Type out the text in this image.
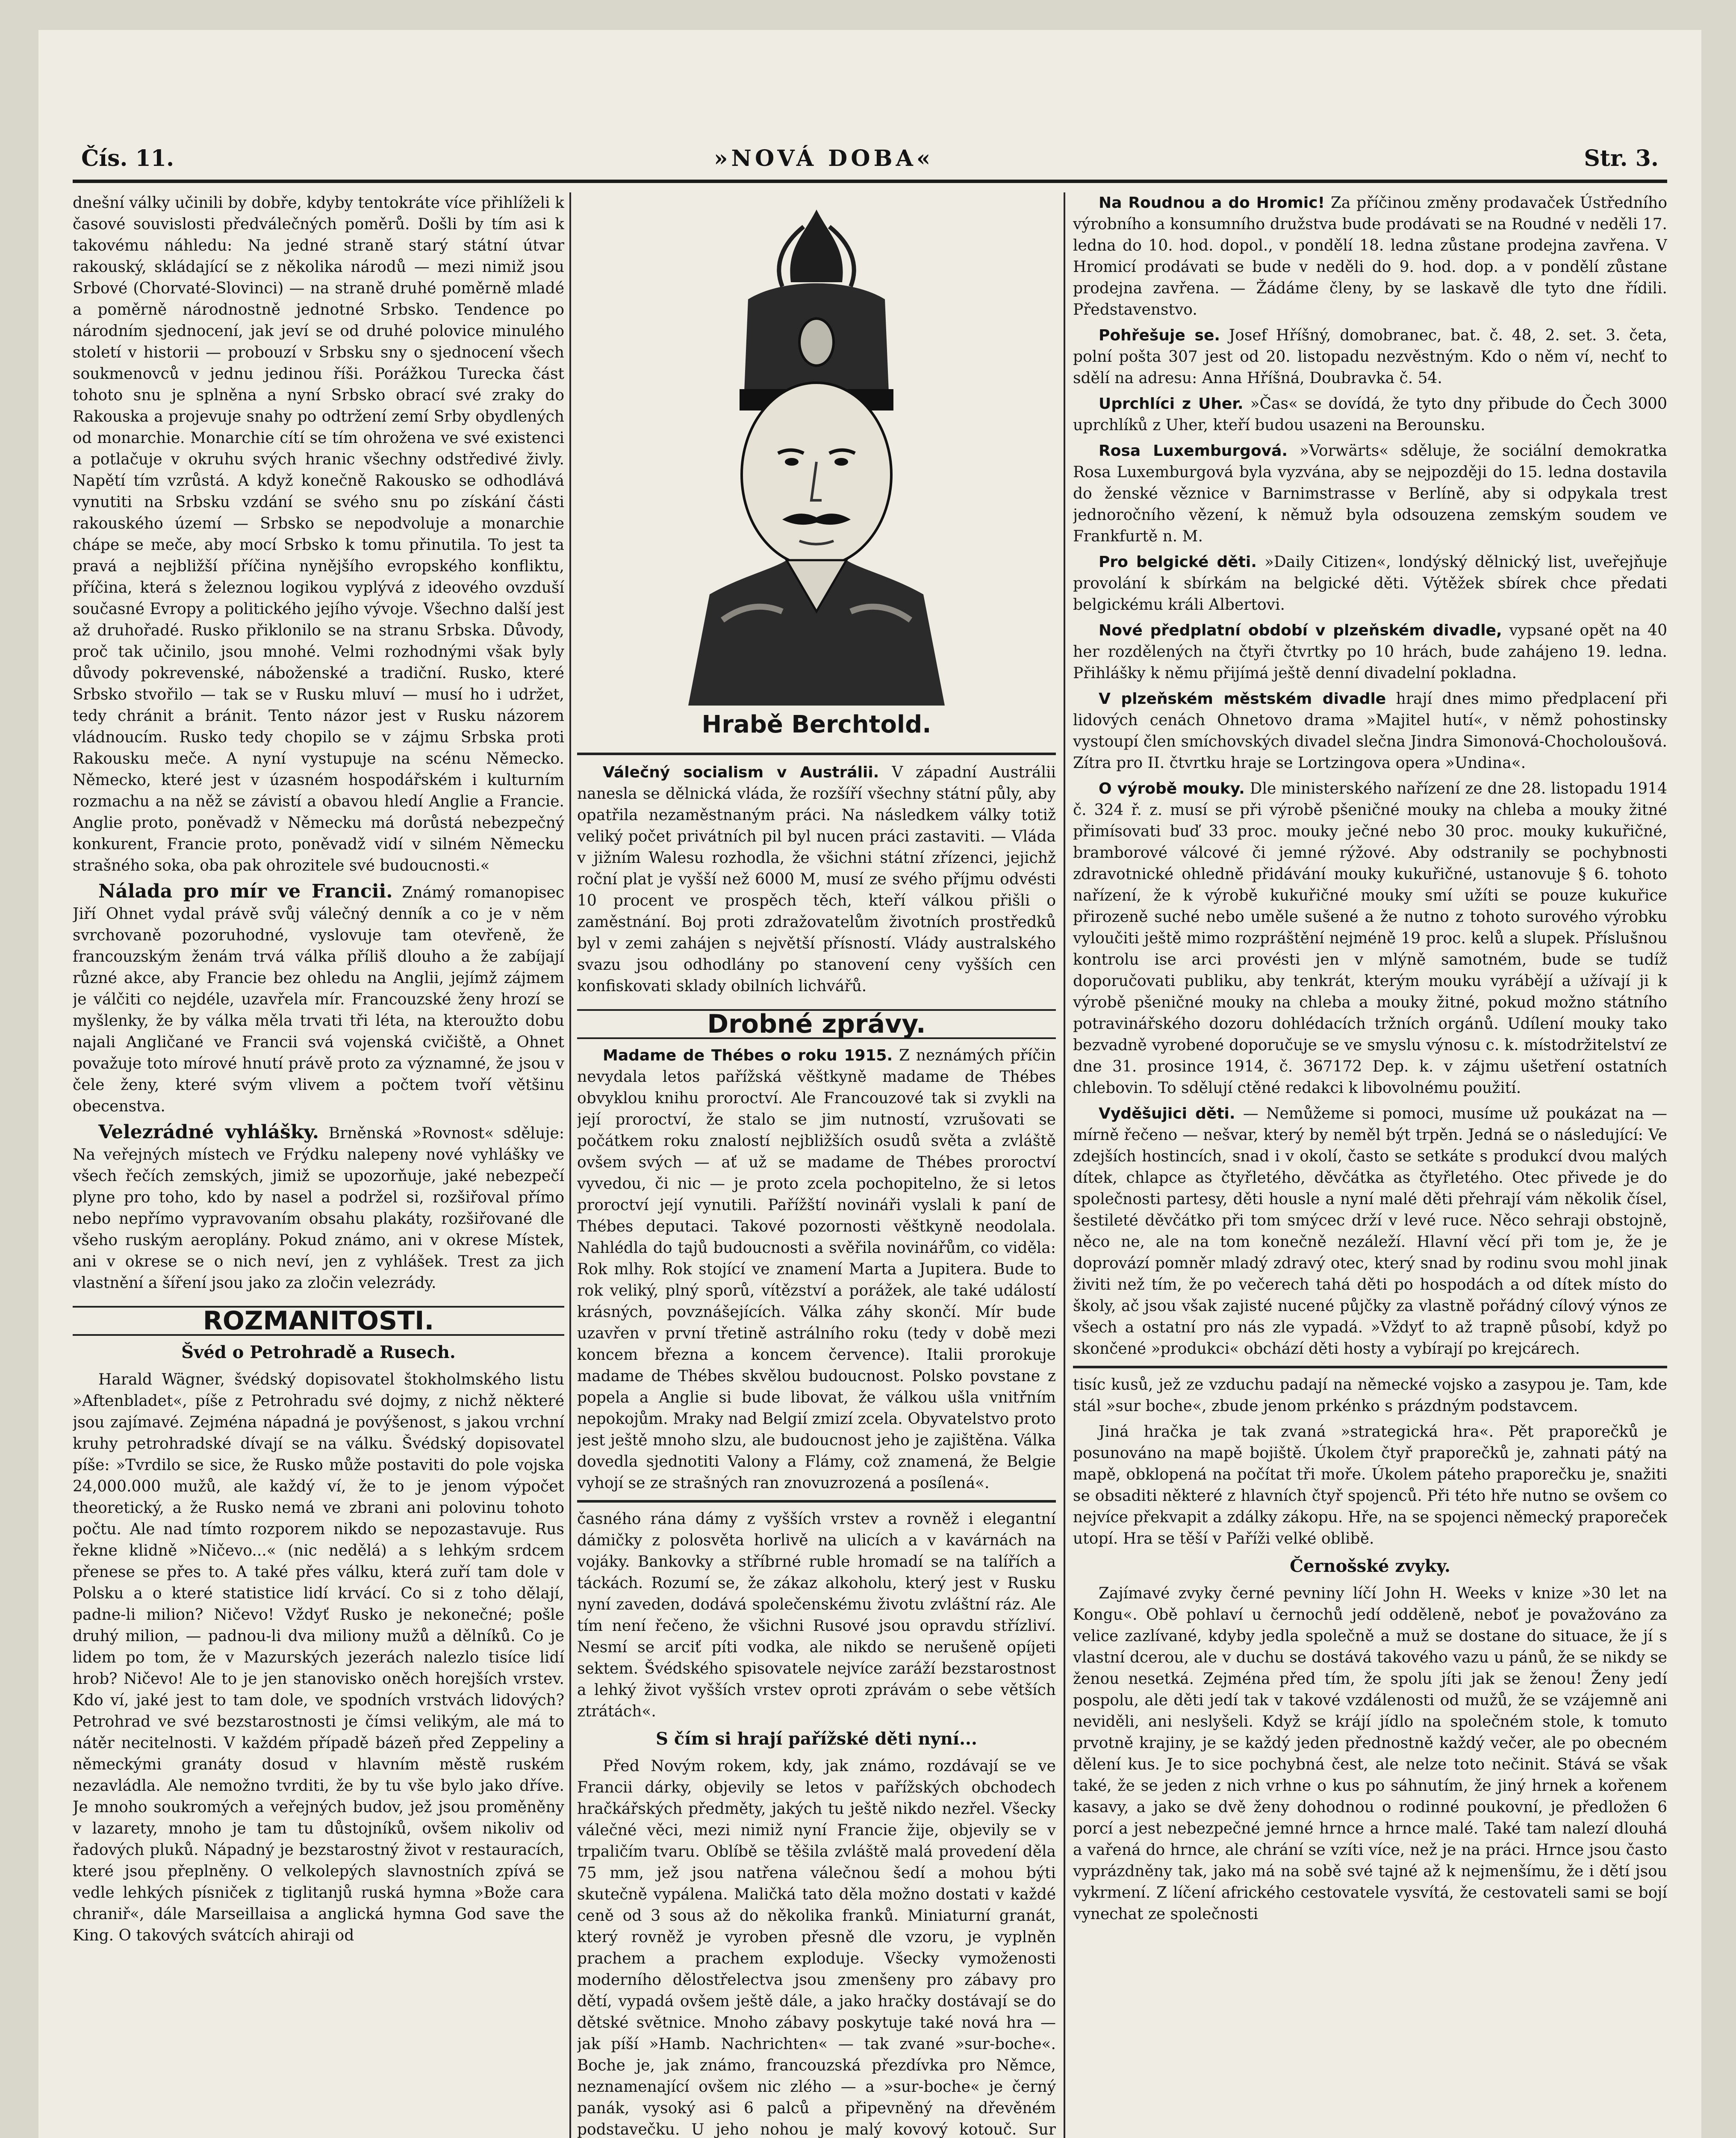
Čís. 11.	»NOVÁ DOBA«	Str. 3.

dnešní války učinili by dobře, kdyby tentokráte více přihlíželi k časové souvislosti předválečných poměrů. Došli by tím asi k takovému náhledu: Na jedné straně starý státní útvar rakouský, skládající se z několika národů — mezi nimiž jsou Srbové (Chorvaté-Slovinci) — na straně druhé poměrně mladé a poměrně národnostně jednotné Srbsko. Tendence po národním sjednocení, jak jeví se od druhé polovice minulého století v historii — probouzí v Srbsku sny o sjednocení všech soukmenovců v jednu jedinou říši. Porážkou Turecka část tohoto snu je splněna a nyní Srbsko obrací své zraky do Rakouska a projevuje snahy po odtržení zemí Srby obydlených od monarchie. Monarchie cítí se tím ohrožena ve své existenci a potlačuje v okruhu svých hranic všechny odstředivé živly. Napětí tím vzrůstá. A když konečně Rakousko se odhodlává vynutiti na Srbsku vzdání se svého snu po získání části rakouského území — Srbsko se nepodvoluje a monarchie chápe se meče, aby mocí Srbsko k tomu přinutila. To jest ta pravá a nejbližší příčina nynějšího evropského konfliktu, příčina, která s železnou logikou vyplývá z ideového ovzduší současné Evropy a politického jejího vývoje. Všechno další jest až druhořadé. Rusko přiklonilo se na stranu Srbska. Důvody, proč tak učinilo, jsou mnohé. Velmi rozhodnými však byly důvody pokrevenské, náboženské a tradiční. Rusko, které Srbsko stvořilo — tak se v Rusku mluví — musí ho i udržet, tedy chránit a bránit. Tento názor jest v Rusku názorem vládnoucím. Rusko tedy chopilo se v zájmu Srbska proti Rakousku meče. A nyní vystupuje na scénu Německo. Německo, které jest v úzasném hospodářském i kulturním rozmachu a na něž se závistí a obavou hledí Anglie a Francie. Anglie proto, poněvadž v Německu má dorůstá nebezpečný konkurent, Francie proto, poněvadž vidí v silném Německu strašného soka, oba pak ohrozitele své budoucnosti.«

Nálada pro mír ve Francii. Známý romanopisec Jiří Ohnet vydal právě svůj válečný denník a co je v něm svrchovaně pozoruhodné, vyslovuje tam otevřeně, že francouzským ženám trvá válka příliš dlouho a že zabíjají různé akce, aby Francie bez ohledu na Anglii, jejímž zájmem je válčiti co nejdéle, uzavřela mír. Francouzské ženy hrozí se myšlenky, že by válka měla trvati tři léta, na kteroužto dobu najali Angličané ve Francii svá vojenská cvičiště, a Ohnet považuje toto mírové hnutí právě proto za významné, že jsou v čele ženy, které svým vlivem a počtem tvoří většinu obecenstva.

Velezrádné vyhlášky. Brněnská »Rovnost« sděluje: Na veřejných místech ve Frýdku nalepeny nové vyhlášky ve všech řečích zemských, jimiž se upozorňuje, jaké nebezpečí plyne pro toho, kdo by nasel a podržel si, rozšiřoval přímo nebo nepřímo vypravovaním obsahu plakáty, rozšiřované dle všeho ruským aeroplány. Pokud známo, ani v okrese Místek, ani v okrese se o nich neví, jen z vyhlášek. Trest za jich vlastnění a šíření jsou jako za zločin velezrády.

ROZMANITOSTI.
Švéd o Petrohradě a Rusech.

Harald Wägner, švédský dopisovatel štokholmského listu »Aftenbladet«, píše z Petrohradu své dojmy, z nichž některé jsou zajímavé. Zejména nápadná je povýšenost, s jakou vrchní kruhy petrohradské dívají se na válku. Švédský dopisovatel píše: »Tvrdilo se sice, že Rusko může postaviti do pole vojska 24,000.000 mužů, ale každý ví, že to je jenom výpočet theoretický, a že Rusko nemá ve zbrani ani polovinu tohoto počtu. Ale nad tímto rozporem nikdo se nepozastavuje. Rus řekne klidně »Ničevo...« (nic nedělá) a s lehkým srdcem přenese se přes to. A také přes válku, která zuří tam dole v Polsku a o které statistice lidí krvácí. Co si z toho dělají, padne-li milion? Ničevo! Vždyť Rusko je nekonečné; pošle druhý milion, — padnou-li dva miliony mužů a dělníků. Co je lidem po tom, že v Mazurských jezerách nalezlo tisíce lidí hrob? Ničevo! Ale to je jen stanovisko oněch horejších vrstev. Kdo ví, jaké jest to tam dole, ve spodních vrstvách lidových? Petrohrad ve své bezstarostnosti je čímsi velikým, ale má to nátěr necitelnosti. V každém případě bázeň před Zeppeliny a německými granáty dosud v hlavním městě ruském nezavládla. Ale nemožno tvrditi, že by tu vše bylo jako dříve. Je mnoho soukromých a veřejných budov, jež jsou proměněny v lazarety, mnoho je tam tu důstojníků, ovšem nikoliv od řadových pluků. Nápadný je bezstarostný život v restauracích, které jsou přeplněny. O velkolepých slavnostních zpívá se vedle lehkých písniček z tiglitanjů ruská hymna »Bože cara chraniř«, dále Marseillaisa a anglická hymna God save the King. O takových svátcích ahiraji od

Hrabě Berchtold.

Válečný socialism v Austrálii. V západní Austrálii nanesla se dělnická vláda, že rozšíří všechny státní půly, aby opatřila nezaměstnaným práci. Na následkem války totiž veliký počet privátních pil byl nucen práci zastaviti. — Vláda v jižním Walesu rozhodla, že všichni státní zřízenci, jejichž roční plat je vyšší než 6000 M, musí ze svého příjmu odvésti 10 procent ve prospěch těch, kteří válkou přišli o zaměstnání. Boj proti zdražovatelům životních prostředků byl v zemi zahájen s největší přísností. Vlády australského svazu jsou odhodlány po stanovení ceny vyšších cen konfiskovati sklady obilních lichvářů.

Drobné zprávy.

Madame de Thébes o roku 1915. Z neznámých příčin nevydala letos pařížská věštkyně madame de Thébes obvyklou knihu proroctví. Ale Francouzové tak si zvykli na její proroctví, že stalo se jim nutností, vzrušovati se počátkem roku znalostí nejbližších osudů světa a zvláště ovšem svých — ať už se madame de Thébes proroctví vyvedou, či nic — je proto zcela pochopitelno, že si letos proroctví její vynutili. Pařížští novináři vyslali k paní de Thébes deputaci. Takové pozornosti věštkyně neodolala. Nahlédla do tajů budoucnosti a svěřila novinářům, co viděla: Rok mlhy. Rok stojící ve znamení Marta a Jupitera. Bude to rok veliký, plný sporů, vítězství a porážek, ale také událostí krásných, povznášejících. Válka záhy skončí. Mír bude uzavřen v první třetině astrálního roku (tedy v době mezi koncem března a koncem července). Italii prorokuje madame de Thébes skvělou budoucnost. Polsko povstane z popela a Anglie si bude libovat, že válkou ušla vnitřním nepokojům. Mraky nad Belgií zmizí zcela. Obyvatelstvo proto jest ještě mnoho slzu, ale budoucnost jeho je zajištěna. Válka dovedla sjednotiti Valony a Flámy, což znamená, že Belgie vyhojí se ze strašných ran znovuzrozená a posílená«.

časného rána dámy z vyšších vrstev a rovněž i elegantní dámičky z polosvěta horlivě na ulicích a v kavárnách na vojáky. Bankovky a stříbrné ruble hromadí se na talířích a táckách. Rozumí se, že zákaz alkoholu, který jest v Rusku nyní zaveden, dodává společenskému životu zvláštní ráz. Ale tím není řečeno, že všichni Rusové jsou opravdu střízliví. Nesmí se arciť píti vodka, ale nikdo se nerušeně opíjeti sektem. Švédského spisovatele nejvíce zaráží bezstarostnost a lehký život vyšších vrstev oproti zprávám o sebe větších ztrátách«.

S čím si hrají pařížské děti nyní...

Před Novým rokem, kdy, jak známo, rozdávají se ve Francii dárky, objevily se letos v pařížských obchodech hračkářských předměty, jakých tu ještě nikdo nezřel. Všecky válečné věci, mezi nimiž nyní Francie žije, objevily se v trpaličím tvaru. Oblíbě se těšila zvláště malá provedení děla 75 mm, jež jsou natřena válečnou šedí a mohou býti skutečně vypálena. Maličká tato děla možno dostati v každé ceně od 3 sous až do několika franků. Miniaturní granát, který rovněž je vyroben přesně dle vzoru, je vyplněn prachem a prachem exploduje. Všecky vymoženosti moderního dělostřelectva jsou zmenšeny pro zábavy pro dětí, vypadá ovšem ještě dále, a jako hračky dostávají se do dětské světnice. Mnoho zábavy poskytuje také nová hra — jak píší »Hamb. Nachrichten« — tak zvané »sur-boche«. Boche je, jak známo, francouzská přezdívka pro Němce, neznamenající ovšem nic zlého — a »sur-boche« je černý panák, vysoký asi 6 palců a připevněný na dřevěném podstavečku. U jeho nohou je malý kovový kotouč. Sur

Na Roudnou a do Hromic! Za příčinou změny prodavaček Ústředního výrobního a konsumního družstva bude prodávati se na Roudné v neděli 17. ledna do 10. hod. dopol., v pondělí 18. ledna zůstane prodejna zavřena. V Hromicí prodávati se bude v neděli do 9. hod. dop. a v pondělí zůstane prodejna zavřena. — Žádáme členy, by se laskavě dle tyto dne řídili. Představenstvo.

Pohřešuje se. Josef Hříšný, domobranec, bat. č. 48, 2. set. 3. četa, polní pošta 307 jest od 20. listopadu nezvěstným. Kdo o něm ví, nechť to sdělí na adresu: Anna Hříšná, Doubravka č. 54.

Uprchlíci z Uher. »Čas« se dovídá, že tyto dny přibude do Čech 3000 uprchlíků z Uher, kteří budou usazeni na Berounsku.

Rosa Luxemburgová. »Vorwärts« sděluje, že sociální demokratka Rosa Luxemburgová byla vyzvána, aby se nejpozději do 15. ledna dostavila do ženské věznice v Barnimstrasse v Berlíně, aby si odpykala trest jednoročního vězení, k němuž byla odsouzena zemským soudem ve Frankfurtě n. M.

Pro belgické děti. »Daily Citizen«, londýský dělnický list, uveřejňuje provolání k sbírkám na belgické děti. Výtěžek sbírek chce předati belgickému králi Albertovi.

Nové předplatní období v plzeňském divadle, vypsané opět na 40 her rozdělených na čtyři čtvrtky po 10 hrách, bude zahájeno 19. ledna. Přihlášky k němu přijímá ještě denní divadelní pokladna.

V plzeňském městském divadle hrají dnes mimo předplacení při lidových cenách Ohnetovo drama »Majitel hutí«, v němž pohostinsky vystoupí člen smíchovských divadel slečna Jindra Simonová-Chocholoušová. Zítra pro II. čtvrtku hraje se Lortzingova opera »Undina«.

O výrobě mouky. Dle ministerského nařízení ze dne 28. listopadu 1914 č. 324 ř. z. musí se při výrobě pšeničné mouky na chleba a mouky žitné přimísovati buď 33 proc. mouky ječné nebo 30 proc. mouky kukuřičné, bramborové válcové či jemné rýžové. Aby odstranily se pochybnosti zdravotnické ohledně přidávání mouky kukuřičné, ustanovuje § 6. tohoto nařízení, že k výrobě kukuřičné mouky smí užíti se pouze kukuřice přirozeně suché nebo uměle sušené a že nutno z tohoto surového výrobku vyloučiti ještě mimo rozpráštění nejméně 19 proc. kelů a slupek. Příslušnou kontrolu ise arci provésti jen v mlýně samotném, bude se tudíž doporučovati publiku, aby tenkrát, kterým mouku vyrábějí a užívají ji k výrobě pšeničné mouky na chleba a mouky žitné, pokud možno státního potravinářského dozoru dohlédacích tržních orgánů. Udílení mouky tako bezvadně vyrobené doporučuje se ve smyslu výnosu c. k. místodržitelství ze dne 31. prosince 1914, č. 367172 Dep. k. v zájmu ušetření ostatních chlebovin. To sdělují ctěné redakci k libovolnému použití.

Vyděšujici děti. — Nemůžeme si pomoci, musíme už poukázat na — mírně řečeno — nešvar, který by neměl být trpěn. Jedná se o následující: Ve zdejších hostincích, snad i v okolí, často se setkáte s produkcí dvou malých dítek, chlapce as čtyřletého, děvčátka as čtyřletého. Otec přivede je do společnosti partesy, děti housle a nyní malé děti přehrají vám několik čísel, šestileté děvčátko při tom smýcec drží v levé ruce. Něco sehraji obstojně, něco ne, ale na tom konečně nezáleží. Hlavní věcí při tom je, že je doprovází pomněr mladý zdravý otec, který snad by rodinu svou mohl jinak živiti než tím, že po večerech tahá děti po hospodách a od dítek místo do školy, ač jsou však zajisté nucené půjčky za vlastně pořádný cílový výnos ze všech a ostatní pro nás zle vypadá. »Vždyť to až trapně působí, když po skončené »produkci« obchází děti hosty a vybírají po krejcárech.

tisíc kusů, jež ze vzduchu padají na německé vojsko a zasypou je. Tam, kde stál »sur boche«, zbude jenom prkénko s prázdným podstavcem.

Jiná hračka je tak zvaná »strategická hra«. Pět praporečků je posunováno na mapě bojiště. Úkolem čtyř praporečků je, zahnati pátý na mapě, obklopená na počítat tři moře. Úkolem páteho praporečku je, snažiti se obsaditi některé z hlavních čtyř spojenců. Při této hře nutno se ovšem co nejvíce překvapit a zdálky zákopu. Hře, na se spojenci německý praporeček utopí. Hra se těší v Paříži velké oblibě.

Černošské zvyky.

Zajímavé zvyky černé pevniny líčí John H. Weeks v knize »30 let na Kongu«. Obě pohlaví u černochů jedí odděleně, neboť je považováno za velice zazlívané, kdyby jedla společně a muž se dostane do situace, že jí s vlastní dcerou, ale v duchu se dostává takového vazu u pánů, že se nikdy se ženou nesetká. Zejména před tím, že spolu jíti jak se ženou! Ženy jedí pospolu, ale děti jedí tak v takové vzdálenosti od mužů, že se vzájemně ani neviděli, ani neslyšeli. Když se krájí jídlo na společném stole, k tomuto prvotně krajiny, je se každý jeden přednostně každý večer, ale po obecném dělení kus. Je to sice pochybná čest, ale nelze toto nečinit. Stává se však také, že se jeden z nich vrhne o kus po sáhnutím, že jiný hrnek a kořenem kasavy, a jako se dvě ženy dohodnou o rodinné poukovní, je předložen 6 porcí a jest nebezpečné jemné hrnce a hrnce malé. Také tam nalezí dlouhá a vařená do hrnce, ale chrání se vzíti více, než je na práci. Hrnce jsou často vyprázdněny tak, jako má na sobě své tajné až k nejmenšímu, že i dětí jsou vykrmení. Z líčení afrického cestovatele vysvítá, že cestovateli sami se bojí vynechat ze společnosti
